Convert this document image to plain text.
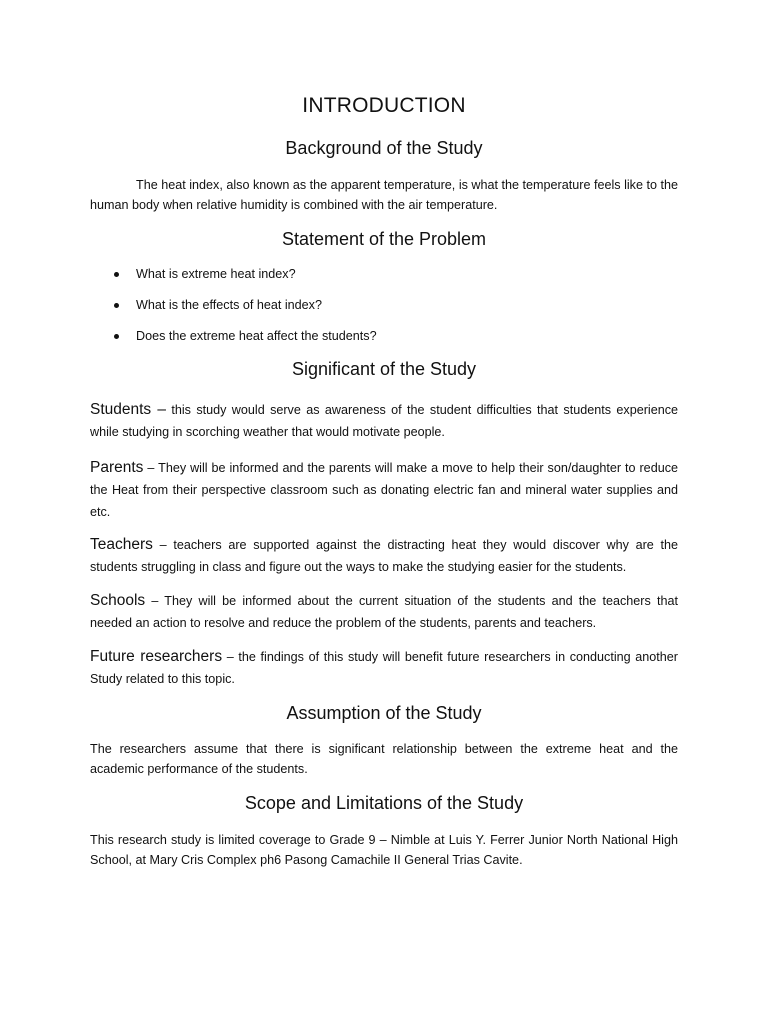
INTRODUCTION
Background of the Study
The heat index, also known as the apparent temperature, is what the temperature feels like to the human body when relative humidity is combined with the air temperature.
Statement of the Problem
What is extreme heat index?
What is the effects of heat index?
Does the extreme heat affect the students?
Significant of the Study
Students – this study would serve as awareness of the student difficulties that students experience while studying in scorching weather that would motivate people.
Parents – They will be informed and the parents will make a move to help their son/daughter to reduce the Heat from their perspective classroom such as donating electric fan and mineral water supplies and etc.
Teachers – teachers are supported against the distracting heat they would discover why are the students struggling in class and figure out the ways to make the studying easier for the students.
Schools – They will be informed about the current situation of the students and the teachers that needed an action to resolve and reduce the problem of the students, parents and teachers.
Future researchers – the findings of this study will benefit future researchers in conducting another Study related to this topic.
Assumption of the Study
The researchers assume that there is significant relationship between the extreme heat and the academic performance of the students.
Scope and Limitations of the Study
This research study is limited coverage to Grade 9 – Nimble at Luis Y. Ferrer Junior North National High School, at Mary Cris Complex ph6 Pasong Camachile II General Trias Cavite.
